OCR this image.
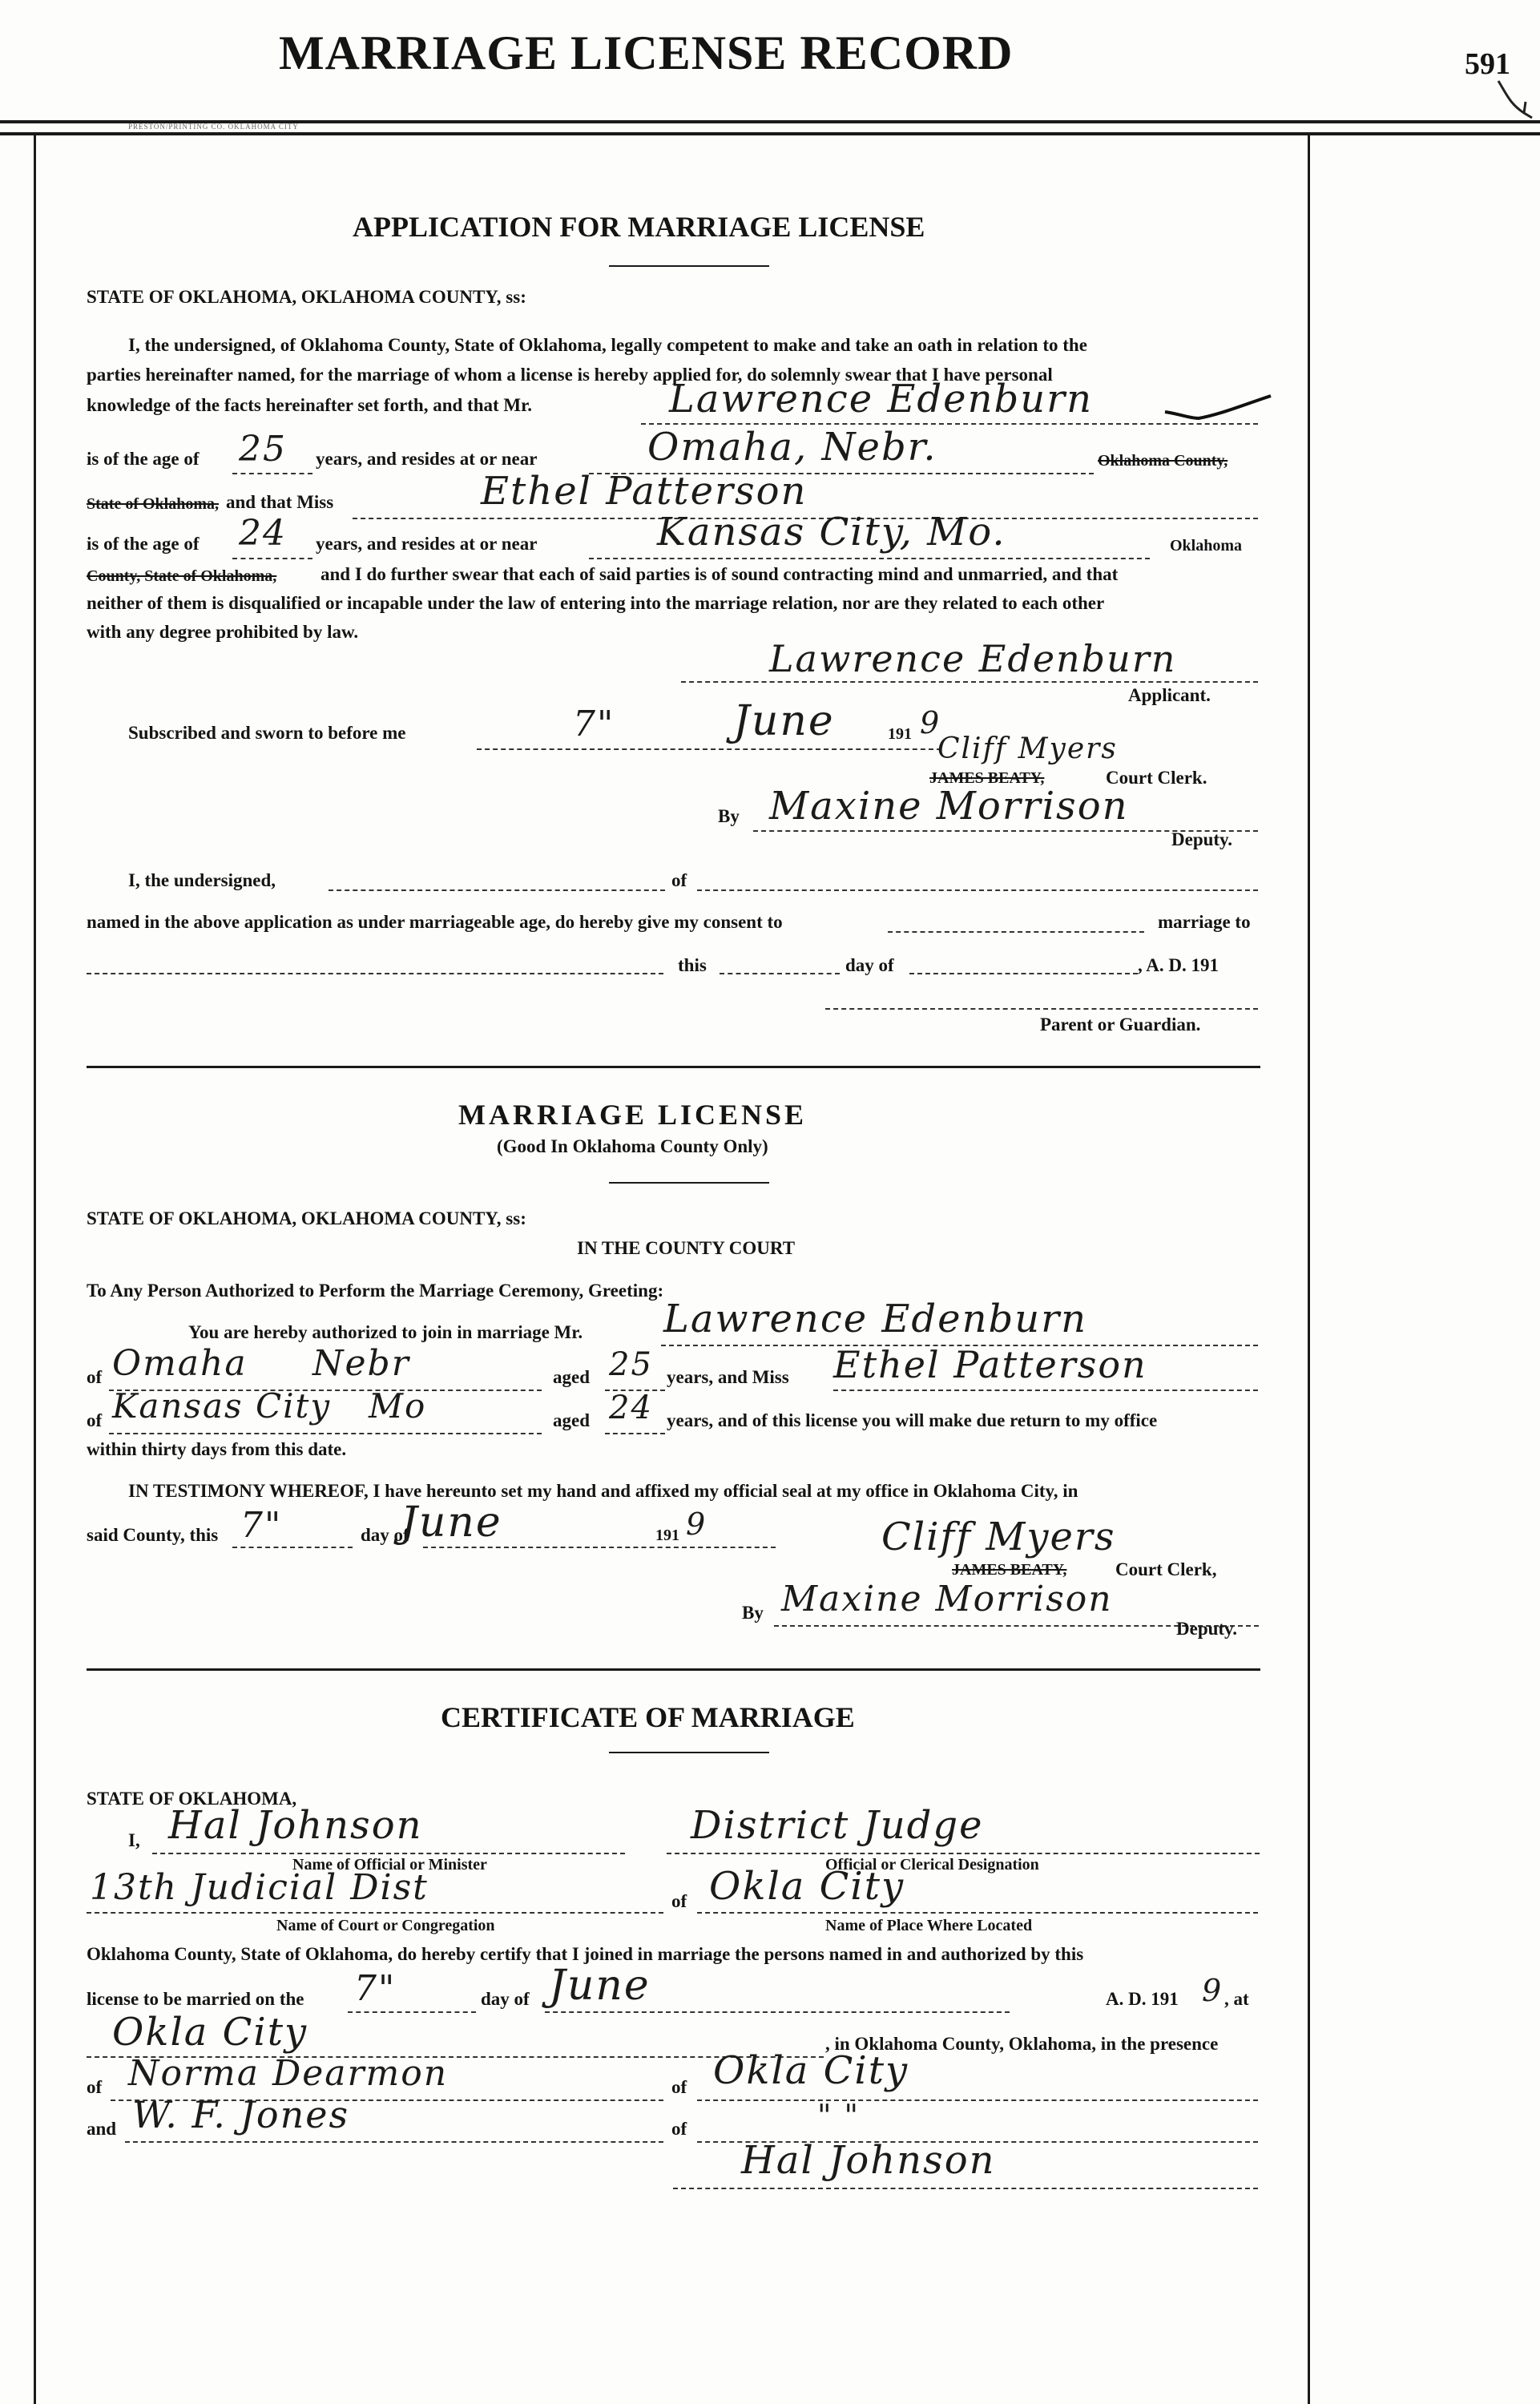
MARRIAGE LICENSE RECORD	591
PRESTON/PRINTING CO. OKLAHOMA CITY
APPLICATION FOR MARRIAGE LICENSE
STATE OF OKLAHOMA, OKLAHOMA COUNTY, ss:
I, the undersigned, of Oklahoma County, State of Oklahoma, legally competent to make and take an oath in relation to the
parties hereinafter named, for the marriage of whom a license is hereby applied for, do solemnly swear that I have personal
knowledge of the facts hereinafter set forth, and that Mr.	Lawrence Edenburn
is of the age of 25 years, and resides at or near	Omaha, Nebr.	Oklahoma County,
State of Oklahoma, and that Miss	Ethel Patterson
is of the age of 24 years, and resides at or near	Kansas City, Mo.	Oklahoma
County, State of Oklahoma, and I do further swear that each of said parties is of sound contracting mind and unmarried, and that
neither of them is disqualified or incapable under the law of entering into the marriage relation, nor are they related to each other
with any degree prohibited by law.
Lawrence Edenburn
Applicant.
Subscribed and sworn to before me	7"	June	191 9
Cliff Myers
JAMES BEATY,	Court Clerk.
By Maxine Morrison
Deputy.
I, the undersigned,	of
named in the above application as under marriageable age, do hereby give my consent to	marriage to
this	day of	, A. D. 191
Parent or Guardian.
MARRIAGE LICENSE
(Good In Oklahoma County Only)
STATE OF OKLAHOMA, OKLAHOMA COUNTY, ss:
IN THE COUNTY COURT
To Any Person Authorized to Perform the Marriage Ceremony, Greeting:
You are hereby authorized to join in marriage Mr. Lawrence Edenburn
of Omaha Nebr	aged 25 years, and Miss Ethel Patterson
of Kansas City Mo	aged 24 years, and of this license you will make due return to my office
within thirty days from this date.
IN TESTIMONY WHEREOF, I have hereunto set my hand and affixed my official seal at my office in Oklahoma City, in
said County, this 7"	day of
June	191 9	Cliff Myers
JAMES BEATY,	Court Clerk,
By Maxine Morrison
Deputy.
CERTIFICATE OF MARRIAGE
STATE OF OKLAHOMA,
I, Hal Johnson	District Judge
Name of Official or Minister	Official or Clerical Designation
13th Judicial Dist	of Okla City
Name of Court or Congregation	Name of Place Where Located
Oklahoma County, State of Oklahoma, do hereby certify that I joined in marriage the persons named in and authorized by this
license to be married on the 7"	day of June	A. D. 191 9 , at
Okla City	, in Oklahoma County, Oklahoma, in the presence
of Norma Dearmon	of Okla City
and W. F. Jones	of	" "
Hal Johnson
